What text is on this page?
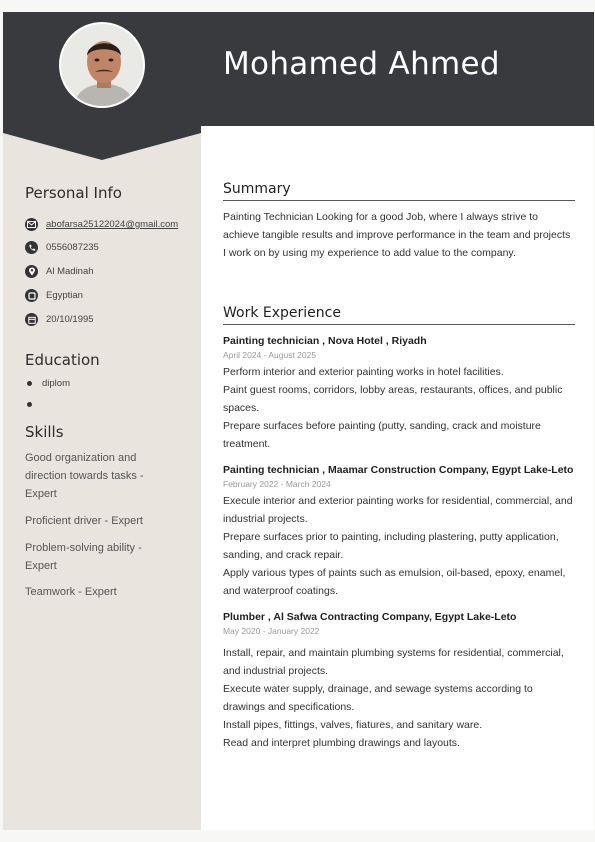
Mohamed Ahmed
Personal Info
abofarsa25122024@gmail.com
0556087235
Al Madinah
Egyptian
20/10/1995
Education
diplom
Skills
Good organization and direction towards tasks - Expert
Proficient driver - Expert
Problem-solving ability - Expert
Teamwork - Expert
Summary
Painting Technician Looking for a good Job, where I always strive to achieve tangible results and improve performance in the team and projects I work on by using my experience to add value to the company.
Work Experience
Painting technician , Nova Hotel , Riyadh
April 2024 - August 2025

Perform interior and exterior painting works in hotel facilities.

Paint guest rooms, corridors, lobby areas, restaurants, offices, and public spaces.

Prepare surfaces before painting (putty, sanding, crack and moisture treatment.

Painting technician , Maamar Construction Company, Egypt Lake-Leto
February 2022 - March 2024

Execule interior and exterior painting works for residential, commercial, and industrial projects.

Prepare surfaces prior to painting, including plastering, putty application, sanding, and crack repair.

Apply various types of paints such as emulsion, oil-based, epoxy, enamel, and waterproof coatings.

Plumber , Al Safwa Contracting Company, Egypt Lake-Leto
May 2020 - January 2022

Install, repair, and maintain plumbing systems for residential, commercial, and industrial projects.

Execute water supply, drainage, and sewage systems according to drawings and specifications.

Install pipes, fittings, valves, fiatures, and sanitary ware.

Read and interpret plumbing drawings and layouts.
